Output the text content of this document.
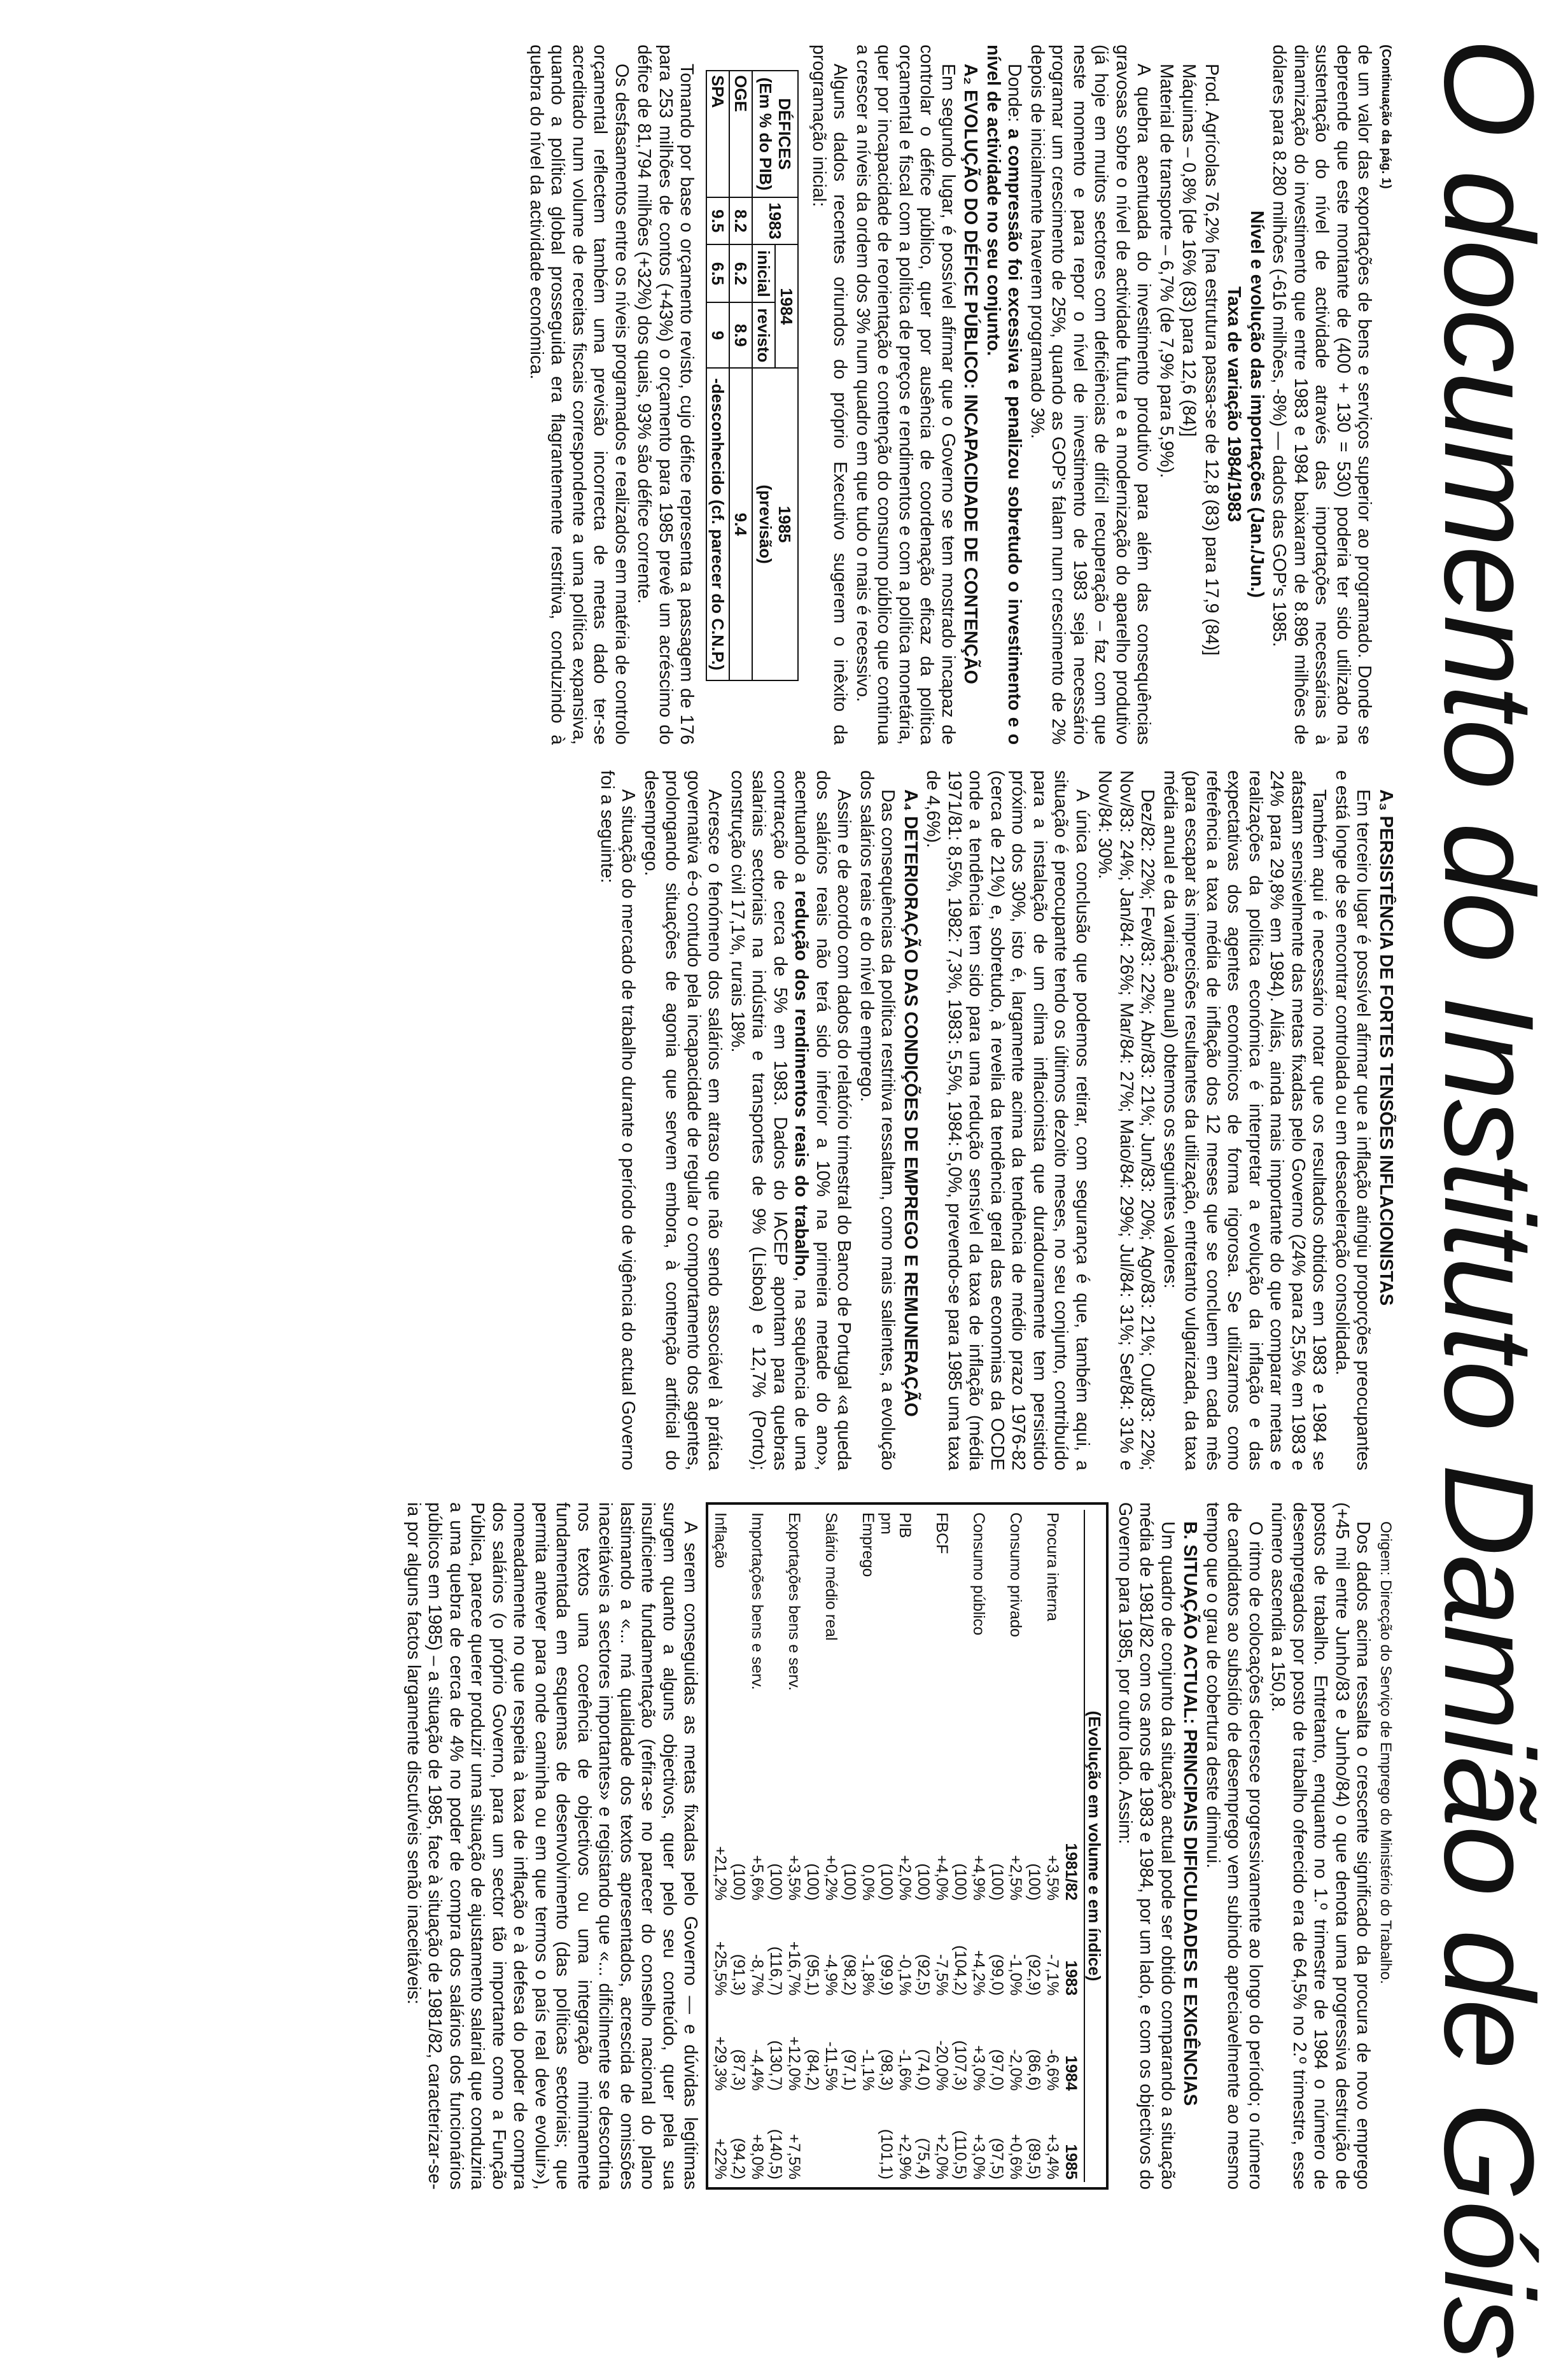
O documento do Instituto Damião de Góis
(Continuação da pág. 1)

de um valor das exportações de bens e serviços superior ao programado. Donde se depreende que este montante de (400 + 130 = 530) poderia ter sido utilizado na sustentação do nível de actividade através das importações necessárias à dinamização do investimento que entre 1983 e 1984 baixaram de 8.896 milhões de dólares para 8.280 milhões (-616 milhões, -8%) — dados das GOP's 1985.

Nível e evolução das importações (Jan./Jun.)

Taxa de variação 1984/1983

Prod. Agrícolas 76,2% [na estrutura passa-se de 12,8 (83) para 17,9 (84)]

Máquinas – 0,8% [de 16% (83) para 12,6 (84)]

Material de transporte – 6,7% (de 7,9% para 5,9%).

A quebra acentuada do investimento produtivo para além das consequências gravosas sobre o nível de actividade futura e a modernização do aparelho produtivo (já hoje em muitos sectores com deficiências de difícil recuperação – faz com que neste momento e para repor o nível de investimento de 1983 seja necessário programar um crescimento de 25%, quando as GOP's falam num crescimento de 2% depois de inicialmente haverem programado 3%.

Donde: a compressão foi excessiva e penalizou sobretudo o investimento e o nível de actividade no seu conjunto.

A₂ EVOLUÇÃO DO DÉFICE PÚBLICO: INCAPACIDADE DE CONTENÇÃO

Em segundo lugar, é possível afirmar que o Governo se tem mostrado incapaz de controlar o défice público, quer por ausência de coordenação eficaz da política orçamental e fiscal com a política de preços e rendimentos e com a política monetária, quer por incapacidade de reorientação e contenção do consumo público que continua a crescer a níveis da ordem dos 3% num quadro em que tudo o mais é recessivo.

Alguns dados recentes oriundos do próprio Executivo sugerem o inêxito da programação inicial:

DÉFICES
(Em % do PIB)	1983	1984		1985
(previsão)
		inicial	revisto	
OGE	8.2	6.2	8.9	9.4
SPA	9.5	6.5	9	-desconhecido (cf. parecer do C.N.P.)

Tomando por base o orçamento revisto, cujo défice representa a passagem de 176 para 253 milhões de contos (+43%) o orçamento para 1985 prevê um acréscimo do défice de 81,794 milhões (+32%) dos quais, 93% são défice corrente.

Os desfasamentos entre os níveis programados e realizados em matéria de controlo orçamental reflectem também uma previsão incorrecta de metas dado ter-se acreditado num volume de receitas fiscais correspondente a uma política expansiva, quando a política global prosseguida era flagrantemente restritiva, conduzindo à quebra do nível da actividade económica.

A₃ PERSISTÊNCIA DE FORTES TENSÕES INFLACIONISTAS

Em terceiro lugar é possível afirmar que a inflação atingiu proporções preocupantes e está longe de se encontrar controlada ou em desaceleração consolidada.

Também aqui é necessário notar que os resultados obtidos em 1983 e 1984 se afastam sensivelmente das metas fixadas pelo Governo (24% para 25,5% em 1983 e 24% para 29,8% em 1984). Aliás, ainda mais importante do que comparar metas e realizações da política económica é interpretar a evolução da inflação e das expectativas dos agentes económicos de forma rigorosa. Se utilizarmos como referência a taxa média de inflação dos 12 meses que se concluem em cada mês (para escapar às imprecisões resultantes da utilização, entretanto vulgarizada, da taxa média anual e da variação anual) obtemos os seguintes valores:

Dez/82: 22%; Fev/83: 22%; Abr/83: 21%; Jun/83: 20%; Ago/83: 21%; Out/83: 22%; Nov/83: 24%; Jan/84: 26%; Mar/84: 27%; Maio/84: 29%; Jul/84: 31%; Set/84: 31% e Nov/84: 30%.

A única conclusão que podemos retirar, com segurança é que, também aqui, a situação é preocupante tendo os últimos dezoito meses, no seu conjunto, contribuído para a instalação de um clima inflacionista que duradouramente tem persistido próximo dos 30%, isto é, largamente acima da tendência de médio prazo 1976-82 (cerca de 21%) e, sobretudo, à revelia da tendência geral das economias da OCDE onde a tendência tem sido para uma redução sensível da taxa de inflação (média 1971/81: 8,5%, 1982: 7,3%, 1983: 5,5%, 1984: 5,0%, prevendo-se para 1985 uma taxa de 4,6%).

A₄ DETERIORAÇÃO DAS CONDIÇÕES DE EMPREGO E REMUNERAÇÃO

Das consequências da política restritiva ressaltam, como mais salientes, a evolução dos salários reais e do nível de emprego.

Assim e de acordo com dados do relatório trimestral do Banco de Portugal «a queda dos salários reais não terá sido inferior a 10% na primeira metade do ano», acentuando a redução dos rendimentos reais do trabalho, na sequência de uma contracção de cerca de 5% em 1983. Dados do IACEP apontam para quebras salariais sectoriais na indústria e transportes de 9% (Lisboa) e 12,7% (Porto); construção civil 17,1%, rurais 18%.

Acresce o fenómeno dos salários em atraso que não sendo associável à prática governativa é-o contudo pela incapacidade de regular o comportamento dos agentes, prolongando situações de agonia que servem embora, à contenção artificial do desemprego.

A situação do mercado de trabalho durante o período de vigência do actual Governo foi a seguinte:

Origem: Direcção do Serviço de Emprego do Ministério do Trabalho.

Dos dados acima ressalta o crescente significado da procura de novo emprego (+45 mil entre Junho/83 e Junho/84) o que denota uma progressiva destruição de postos de trabalho. Entretanto, enquanto no 1.º trimestre de 1984 o número de desempregados por posto de trabalho oferecido era de 64,5% no 2.º trimestre, esse número ascendia a 150,8.

O ritmo de colocações decresce progressivamente ao longo do período; o número de candidatos ao subsídio de desemprego vem subindo apreciavelmente ao mesmo tempo que o grau de cobertura deste diminui.

B. SITUAÇÃO ACTUAL: PRINCIPAIS DIFICULDADES E EXIGÊNCIAS

Um quadro de conjunto da situação actual pode ser obtido comparando a situação média de 1981/82 com os anos de 1983 e 1984, por um lado, e com os objectivos do Governo para 1985, por outro lado. Assim:

(Evolução em volume e em índice)
	1981/82	1983	1984	1985
Procura interna	+3,5%	-7,1%	-6,6%	+3,4%
	(100)	(92,9)	(86,6)	(89,5)
Consumo privado	+2,5%	-1,0%	-2,0%	+0,6%
	(100)	(99,0)	(97,0)	(97,5)
Consumo público	+4,9%	+4,2%	+3,0%	+3,0%
	(100)	(104,2)	(107,3)	(110,5)
FBCF	+4,0%	-7,5%	-20,0%	+2,0%
	(100)	(92,5)	(74,0)	(75,4)
PIB	+2,0%	-0,1%	-1,6%	+2,9%
pm	(100)	(99,9)	(98,3)	(101,1)
Emprego	0,0%	-1,8%	-1,1%	
	(100)	(98,2)	(97,1)	
Salário médio real	+0,2%	-4,9%	-11,5%	
	(100)	(95,1)	(84,2)	
Exportações bens e serv.	+3,5%	+16,7%	+12,0%	+7,5%
	(100)	(116,7)	(130,7)	(140,5)
Importações bens e serv.	+5,6%	-8,7%	-4,4%	+8,0%
	(100)	(91,3)	(87,3)	(94,2)
Inflação	+21,2%	+25,5%	+29,3%	+22%

A serem conseguidas as metas fixadas pelo Governo — e dúvidas legítimas surgem quanto a alguns objectivos, quer pelo seu conteúdo, quer pela sua insuficiente fundamentação (refira-se no parecer do conselho nacional do plano lastimando a «... má qualidade dos textos apresentados, acrescida de omissões inaceitáveis a sectores importantes» e registando que «... dificilmente se descortina nos textos uma coerência de objectivos ou uma integração minimamente fundamentada em esquemas de desenvolvimento (das políticas sectoriais; que permita antever para onde caminha ou em que termos o país real deve evoluir»), nomeadamente no que respeita à taxa de inflação e à defesa do poder de compra dos salários (o próprio Governo, para um sector tão importante como a Função Pública, parece querer produzir uma situação de ajustamento salarial que conduziria a uma quebra de cerca de 4% no poder de compra dos salários dos funcionários públicos em 1985) – a situação de 1985, face à situação de 1981/82, caracterizar-se-ia por alguns factos largamente discutíveis senão inaceitáveis:
